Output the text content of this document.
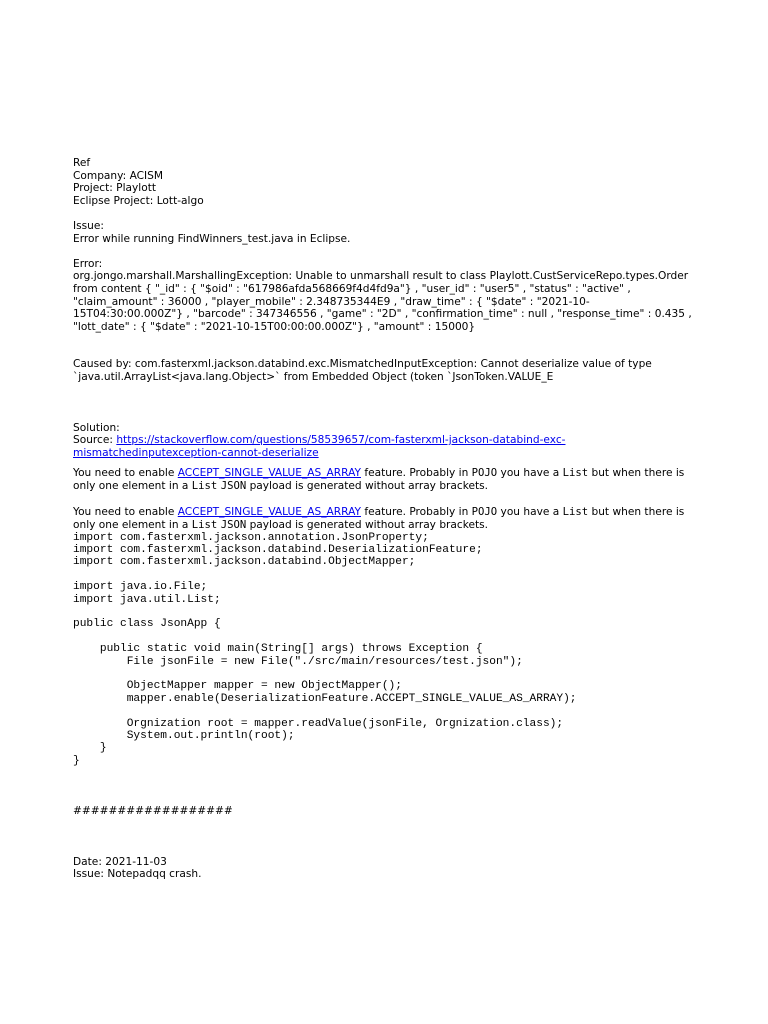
Ref
Company: ACISM
Project: Playlott
Eclipse Project: Lott-algo
Issue:
Error while running FindWinners_test.java in Eclipse.
Error:
org.jongo.marshall.MarshallingException: Unable to unmarshall result to class Playlott.CustServiceRepo.types.Order from content { "_id" : { "$oid" : "617986afda568669f4d4fd9a"} , "user_id" : "user5" , "status" : "active" , "claim_amount" : 36000 , "player_mobile" : 2.348735344E9 , "draw_time" : { "$date" : "2021-10-15T04:30:00.000Z"} , "barcode" : 347346556 , "game" : "2D" , "confirmation_time" : null , "response_time" : 0.435 , "lott_date" : { "$date" : "2021-10-15T00:00:00.000Z"} , "amount" : 15000}
Caused by: com.fasterxml.jackson.databind.exc.MismatchedInputException: Cannot deserialize value of type `java.util.ArrayList<java.lang.Object>` from Embedded Object (token `JsonToken.VALUE_E
Solution:
Source: https://stackoverflow.com/questions/58539657/com-fasterxml-jackson-databind-exc-mismatchedinputexception-cannot-deserialize

You need to enable ACCEPT_SINGLE_VALUE_AS_ARRAY feature. Probably in POJO you have a List but when there is only one element in a List JSON payload is generated without array brackets.

You need to enable ACCEPT_SINGLE_VALUE_AS_ARRAY feature. Probably in POJO you have a List but when there is only one element in a List JSON payload is generated without array brackets.

import com.fasterxml.jackson.annotation.JsonProperty;
import com.fasterxml.jackson.databind.DeserializationFeature;
import com.fasterxml.jackson.databind.ObjectMapper;
import java.io.File;
import java.util.List;
public class JsonApp {
public static void main(String[] args) throws Exception {
File jsonFile = new File("./src/main/resources/test.json");
ObjectMapper mapper = new ObjectMapper();
mapper.enable(DeserializationFeature.ACCEPT_SINGLE_VALUE_AS_ARRAY);
Orgnization root = mapper.readValue(jsonFile, Orgnization.class);
System.out.println(root);
}
}
##################
Date: 2021-11-03
Issue: Notepadqq crash.
